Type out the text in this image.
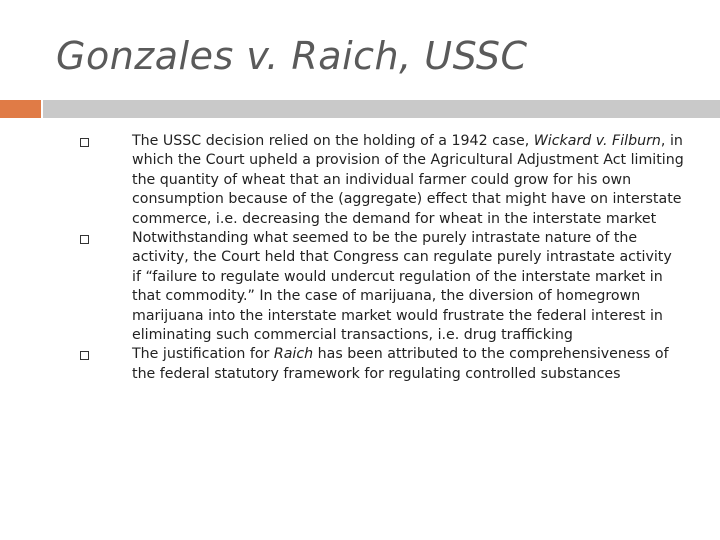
Gonzales v. Raich, USSC
The USSC decision relied on the holding of a 1942 case, Wickard v. Filburn, in which the Court upheld a provision of the Agricultural Adjustment Act limiting the quantity of wheat that an individual farmer could grow for his own consumption because of the (aggregate) effect that might have on interstate commerce, i.e. decreasing the demand for wheat in the interstate market
Notwithstanding what seemed to be the purely intrastate nature of the activity, the Court held that Congress can regulate purely intrastate activity if “failure to regulate would undercut regulation of the interstate market in that commodity.” In the case of marijuana, the diversion of homegrown marijuana into the interstate market would frustrate the federal interest in eliminating such commercial transactions, i.e. drug trafficking
The justification for Raich has been attributed to the comprehensiveness of the federal statutory framework for regulating controlled substances
